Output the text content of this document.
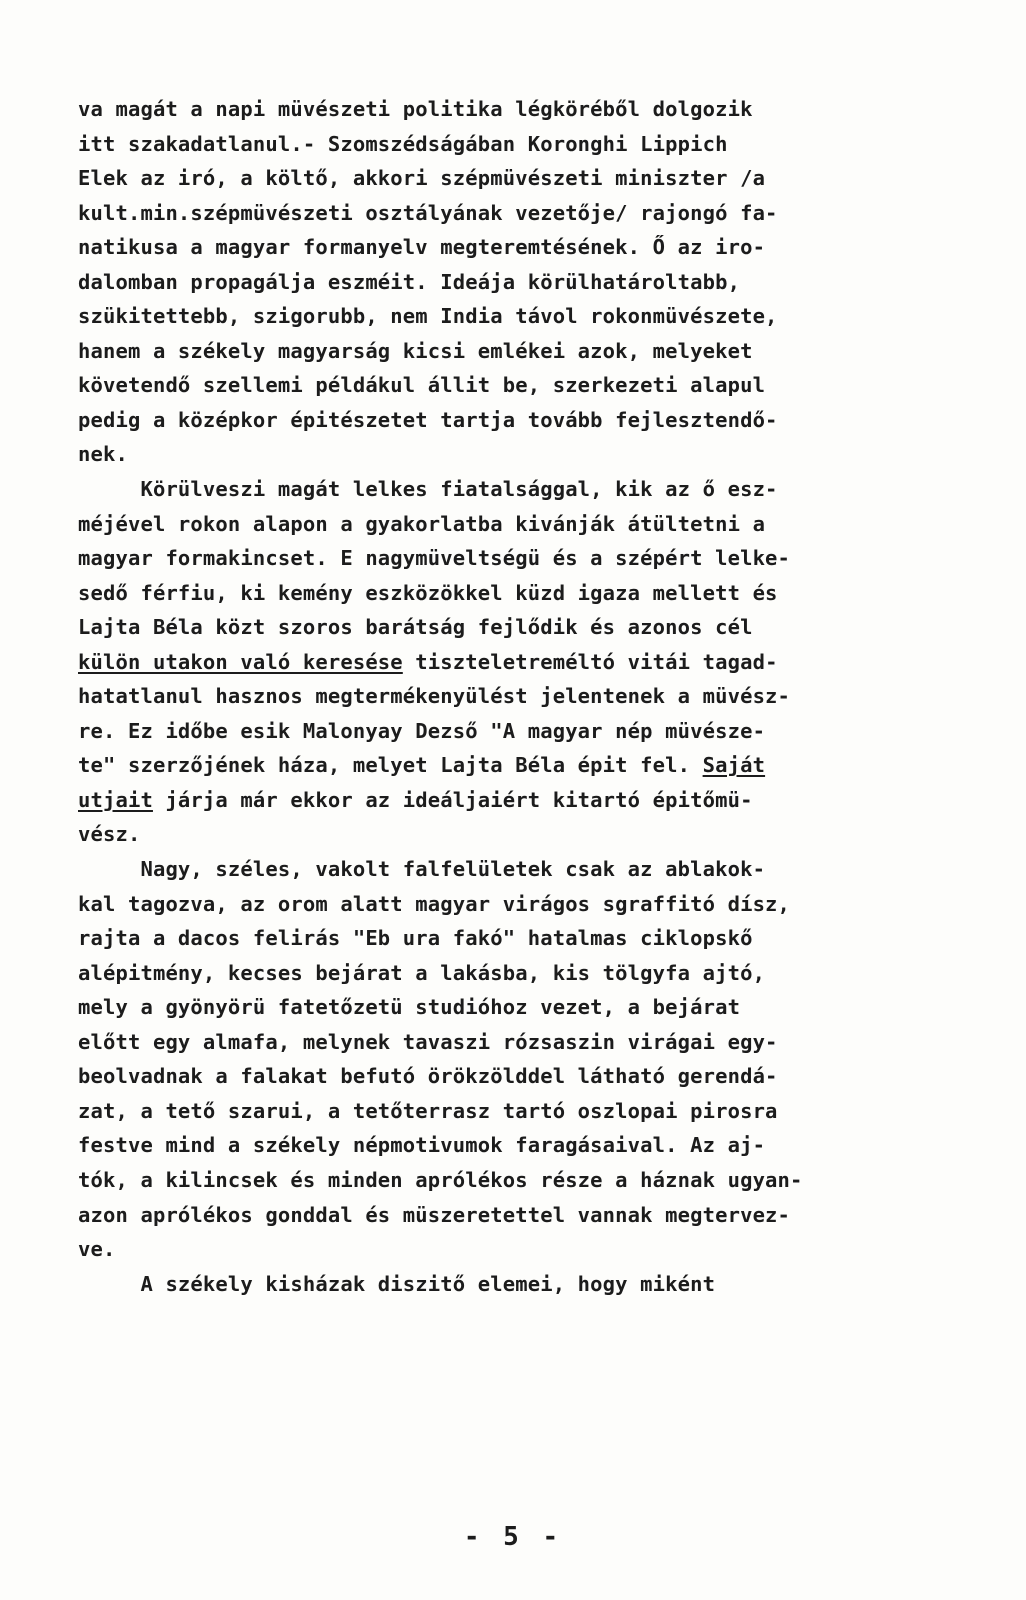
va magát a napi müvészeti politika légköréből dolgozik
itt szakadatlanul.- Szomszédságában Koronghi Lippich
Elek az iró, a költő, akkori szépmüvészeti miniszter /a
kult.min.szépmüvészeti osztályának vezetője/ rajongó fa-
natikusa a magyar formanyelv megteremtésének. Ő az iro-
dalomban propagálja eszméit. Ideája körülhatároltabb,
szükitettebb, szigorubb, nem India távol rokonmüvészete,
hanem a székely magyarság kicsi emlékei azok, melyeket
követendő szellemi példákul állit be, szerkezeti alapul
pedig a középkor épitészetet tartja tovább fejlesztendő-
nek.
Körülveszi magát lelkes fiatalsággal, kik az ő esz-
méjével rokon alapon a gyakorlatba kivánják átültetni a
magyar formakincset. E nagymüveltségü és a szépért lelke-
sedő férfiu, ki kemény eszközökkel küzd igaza mellett és
Lajta Béla közt szoros barátság fejlődik és azonos cél
külön utakon való keresése tiszteletreméltó vitái tagad-
hatatlanul hasznos megtermékenyülést jelentenek a müvész-
re. Ez időbe esik Malonyay Dezső "A magyar nép müvésze-
te" szerzőjének háza, melyet Lajta Béla épit fel. Saját
utjait járja már ekkor az ideáljaiért kitartó épitőmü-
vész.
Nagy, széles, vakolt falfelületek csak az ablakok-
kal tagozva, az orom alatt magyar virágos sgraffitó dísz,
rajta a dacos felirás "Eb ura fakó" hatalmas ciklopskő
alépitmény, kecses bejárat a lakásba, kis tölgyfa ajtó,
mely a gyönyörü fatetőzetü studióhoz vezet, a bejárat
előtt egy almafa, melynek tavaszi rózsaszin virágai egy-
beolvadnak a falakat befutó örökzölddel látható gerendá-
zat, a tető szarui, a tetőterrasz tartó oszlopai pirosra
festve mind a székely népmotivumok faragásaival. Az aj-
tók, a kilincsek és minden aprólékos része a háznak ugyan-
azon aprólékos gonddal és müszeretettel vannak megtervez-
ve.
A székely kisházak diszitő elemei, hogy miként
- 5 -
